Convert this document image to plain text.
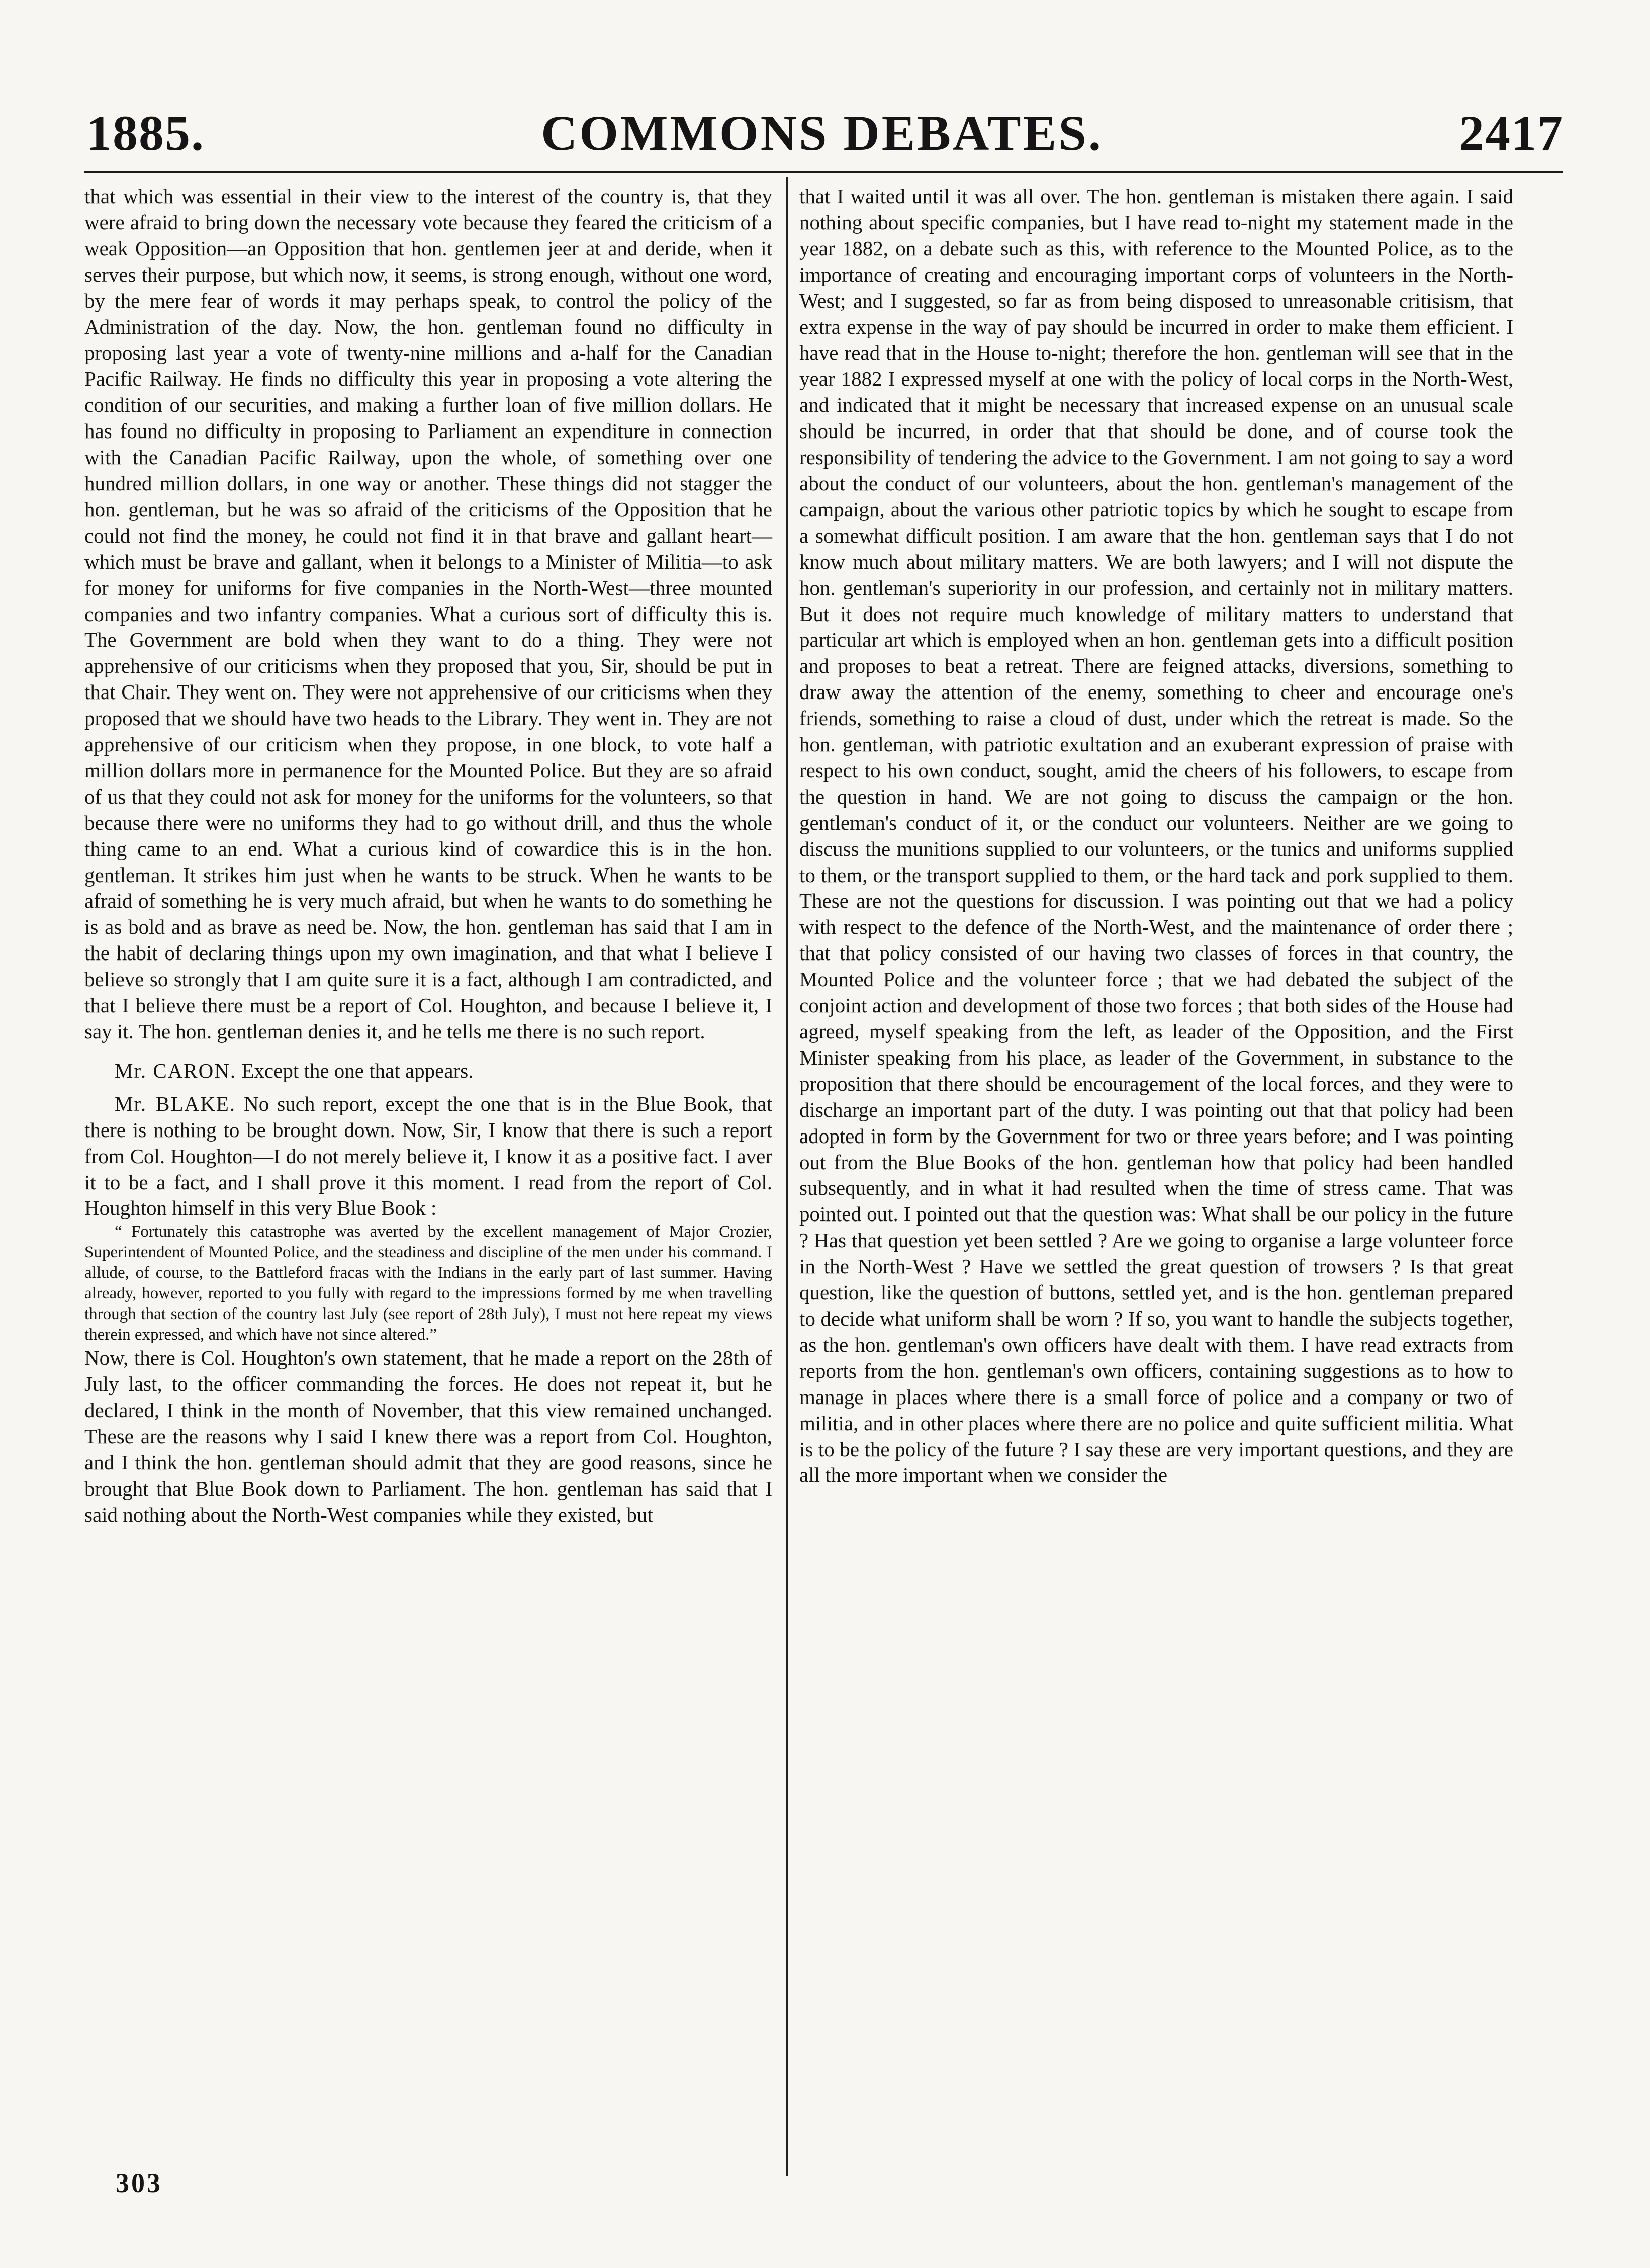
COMMONS DEBATES.
1885.	2417

that which was essential in their view to the interest of the country is, that they were afraid to bring down the necessary vote because they feared the criticism of a weak Opposition—an Opposition that hon. gentlemen jeer at and deride, when it serves their purpose, but which now, it seems, is strong enough, without one word, by the mere fear of words it may perhaps speak, to control the policy of the Administration of the day. Now, the hon. gentleman found no difficulty in proposing last year a vote of twenty-nine millions and a-half for the Canadian Pacific Railway. He finds no difficulty this year in proposing a vote altering the condition of our securities, and making a further loan of five million dollars. He has found no difficulty in proposing to Parliament an expenditure in connection with the Canadian Pacific Railway, upon the whole, of something over one hundred million dollars, in one way or another. These things did not stagger the hon. gentleman, but he was so afraid of the criticisms of the Opposition that he could not find the money, he could not find it in that brave and gallant heart—which must be brave and gallant, when it belongs to a Minister of Militia—to ask for money for uniforms for five companies in the North-West—three mounted companies and two infantry companies. What a curious sort of difficulty this is. The Government are bold when they want to do a thing. They were not apprehensive of our criticisms when they proposed that you, Sir, should be put in that Chair. They went on. They were not apprehensive of our criticisms when they proposed that we should have two heads to the Library. They went in. They are not apprehensive of our criticism when they propose, in one block, to vote half a million dollars more in permanence for the Mounted Police. But they are so afraid of us that they could not ask for money for the uniforms for the volunteers, so that because there were no uniforms they had to go without drill, and thus the whole thing came to an end. What a curious kind of cowardice this is in the hon. gentleman. It strikes him just when he wants to be struck. When he wants to be afraid of something he is very much afraid, but when he wants to do something he is as bold and as brave as need be. Now, the hon. gentleman has said that I am in the habit of declaring things upon my own imagination, and that what I believe I believe so strongly that I am quite sure it is a fact, although I am contradicted, and that I believe there must be a report of Col. Houghton, and because I believe it, I say it. The hon. gentleman denies it, and he tells me there is no such report.

Mr. CARON. Except the one that appears.

Mr. BLAKE. No such report, except the one that is in the Blue Book, that there is nothing to be brought down. Now, Sir, I know that there is such a report from Col. Houghton—I do not merely believe it, I know it as a positive fact. I aver it to be a fact, and I shall prove it this moment. I read from the report of Col. Houghton himself in this very Blue Book :

“ Fortunately this catastrophe was averted by the excellent management of Major Crozier, Superintendent of Mounted Police, and the steadiness and discipline of the men under his command. I allude, of course, to the Battleford fracas with the Indians in the early part of last summer. Having already, however, reported to you fully with regard to the impressions formed by me when travelling through that section of the country last July (see report of 28th July), I must not here repeat my views therein expressed, and which have not since altered.”

Now, there is Col. Houghton's own statement, that he made a report on the 28th of July last, to the officer commanding the forces. He does not repeat it, but he declared, I think in the month of November, that this view remained unchanged. These are the reasons why I said I knew there was a report from Col. Houghton, and I think the hon. gentleman should admit that they are good reasons, since he brought that Blue Book down to Parliament. The hon. gentleman has said that I said nothing about the North-West companies while they existed, but

that I waited until it was all over. The hon. gentleman is mistaken there again. I said nothing about specific companies, but I have read to-night my statement made in the year 1882, on a debate such as this, with reference to the Mounted Police, as to the importance of creating and encouraging important corps of volunteers in the North-West; and I suggested, so far as from being disposed to unreasonable critisism, that extra expense in the way of pay should be incurred in order to make them efficient. I have read that in the House to-night; therefore the hon. gentleman will see that in the year 1882 I expressed myself at one with the policy of local corps in the North-West, and indicated that it might be necessary that increased expense on an unusual scale should be incurred, in order that that should be done, and of course took the responsibility of tendering the advice to the Government. I am not going to say a word about the conduct of our volunteers, about the hon. gentleman's management of the campaign, about the various other patriotic topics by which he sought to escape from a somewhat difficult position. I am aware that the hon. gentleman says that I do not know much about military matters. We are both lawyers; and I will not dispute the hon. gentleman's superiority in our profession, and certainly not in military matters. But it does not require much knowledge of military matters to understand that particular art which is employed when an hon. gentleman gets into a difficult position and proposes to beat a retreat. There are feigned attacks, diversions, something to draw away the attention of the enemy, something to cheer and encourage one's friends, something to raise a cloud of dust, under which the retreat is made. So the hon. gentleman, with patriotic exultation and an exuberant expression of praise with respect to his own conduct, sought, amid the cheers of his followers, to escape from the question in hand. We are not going to discuss the campaign or the hon. gentleman's conduct of it, or the conduct our volunteers. Neither are we going to discuss the munitions supplied to our volunteers, or the tunics and uniforms supplied to them, or the transport supplied to them, or the hard tack and pork supplied to them. These are not the questions for discussion. I was pointing out that we had a policy with respect to the defence of the North-West, and the maintenance of order there ; that that policy consisted of our having two classes of forces in that country, the Mounted Police and the volunteer force ; that we had debated the subject of the conjoint action and development of those two forces ; that both sides of the House had agreed, myself speaking from the left, as leader of the Opposition, and the First Minister speaking from his place, as leader of the Government, in substance to the proposition that there should be encouragement of the local forces, and they were to discharge an important part of the duty. I was pointing out that that policy had been adopted in form by the Government for two or three years before; and I was pointing out from the Blue Books of the hon. gentleman how that policy had been handled subsequently, and in what it had resulted when the time of stress came. That was pointed out. I pointed out that the question was: What shall be our policy in the future ? Has that question yet been settled ? Are we going to organise a large volunteer force in the North-West ? Have we settled the great question of trowsers ? Is that great question, like the question of buttons, settled yet, and is the hon. gentleman prepared to decide what uniform shall be worn ? If so, you want to handle the subjects together, as the hon. gentleman's own officers have dealt with them. I have read extracts from reports from the hon. gentleman's own officers, containing suggestions as to how to manage in places where there is a small force of police and a company or two of militia, and in other places where there are no police and quite sufficient militia. What is to be the policy of the future ? I say these are very important questions, and they are all the more important when we consider the

303
